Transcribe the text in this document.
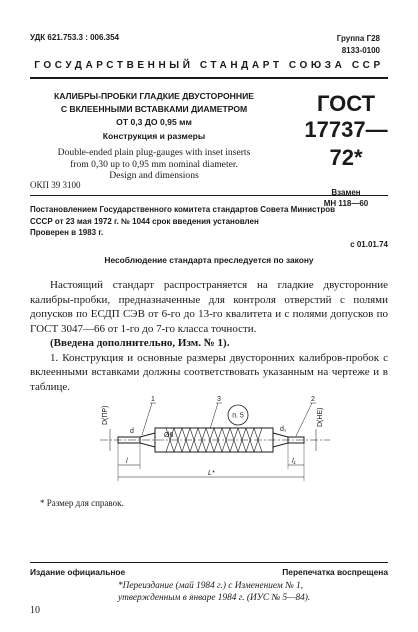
УДК 621.753.3 : 006.354	Группа Г28
8133-0100
ГОСУДАРСТВЕННЫЙ СТАНДАРТ СОЮЗА ССР
КАЛИБРЫ-ПРОБКИ ГЛАДКИЕ ДВУСТОРОННИЕ
С ВКЛЕЕННЫМИ ВСТАВКАМИ ДИАМЕТРОМ
ОТ 0,3 ДО 0,95 мм
Конструкция и размеры
Double-ended plain plug-gauges with inset inserts
from 0,30 up to 0,95 mm nominal diameter.
Design and dimensions
ГОСТ
17737—72*
Взамен
МН 118—60
ОКП 39 3100
Постановлением Государственного комитета стандартов Совета Министров
СССР от 23 мая 1972 г. № 1044 срок введения установлен
Проверен в 1983 г.
с 01.01.74
Несоблюдение стандарта преследуется по закону

Настоящий стандарт распространяется на гладкие двусторонние калибры-пробки, предназначенные для контроля отверстий с полями допусков по ЕСДП СЭВ от 6-го до 13-го квалитета и с полями допусков по ГОСТ 3047—66 от 1-го до 7-го класса точности.

(Введена дополнительно, Изм. № 1).

1. Конструкция и основные размеры двусторонних калибров-пробок с вклеенными вставками должны соответствовать указанным на чертеже и в таблице.

п. 5
1	3	2
D(ПР)	D(НЕ)
Ø6
d₁
d
l	l₁
L*
* Размер для справок.
Издание официальное	Перепечатка воспрещена
*Переиздание (май 1984 г.) с Изменением № 1,
утвержденным в январе 1984 г. (ИУС № 5—84).
10
